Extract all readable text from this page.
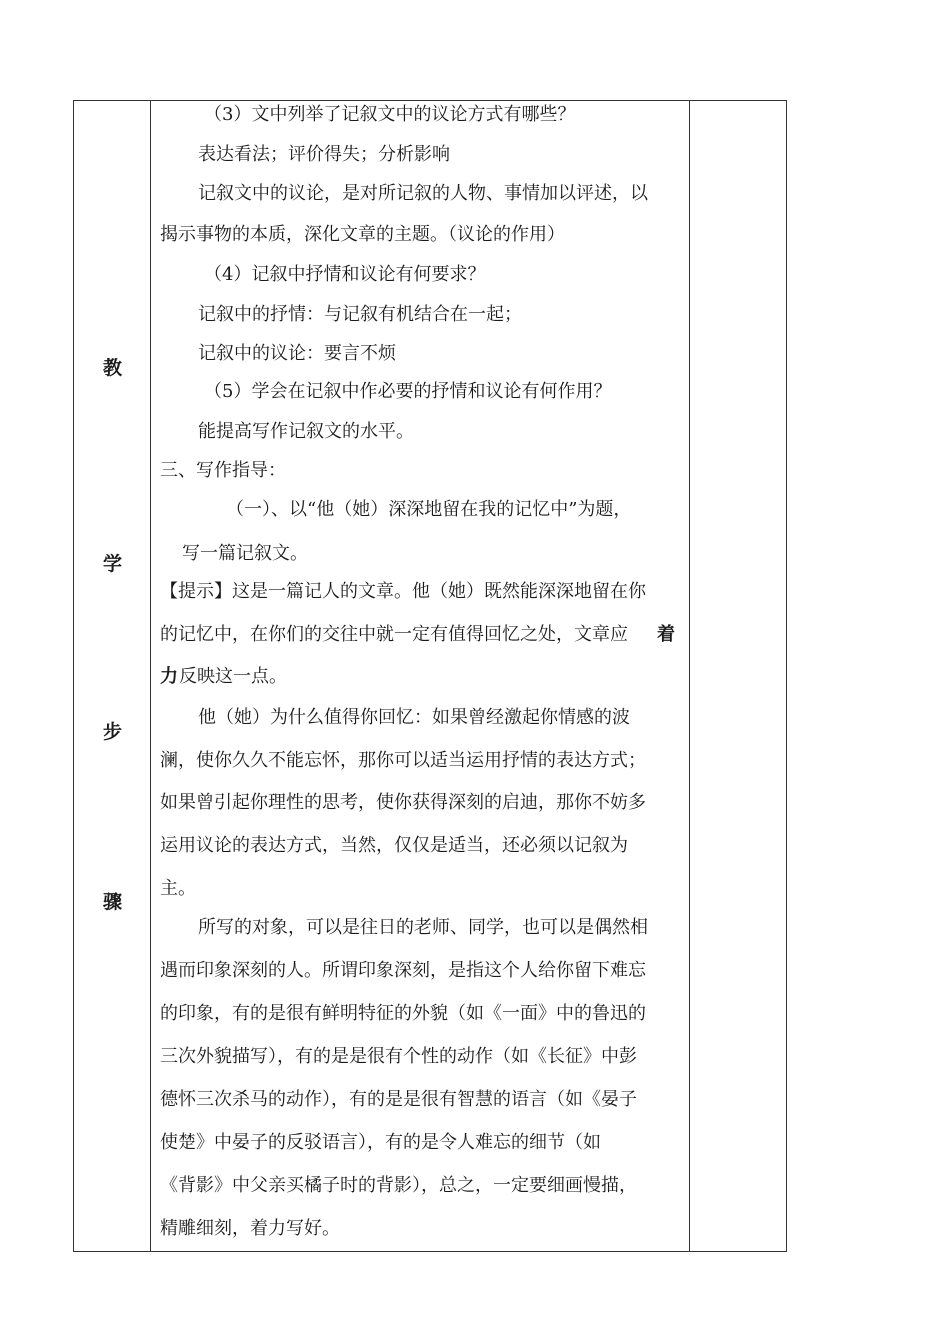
教
学
步
骤
（3）文中列举了记叙文中的议论方式有哪些？
表达看法；评价得失；分析影响
记叙文中的议论，是对所记叙的人物、事情加以评述，以
揭示事物的本质，深化文章的主题。（议论的作用）
（4）记叙中抒情和议论有何要求？
记叙中的抒情：与记叙有机结合在一起；
记叙中的议论：要言不烦
（5）学会在记叙中作必要的抒情和议论有何作用？
能提高写作记叙文的水平。
三、写作指导：
（一）、以“他（她）深深地留在我的记忆中”为题，
写一篇记叙文。
【提示】这是一篇记人的文章。他（她）既然能深深地留在你
的记忆中，在你们的交往中就一定有值得回忆之处，文章应 着
力 反映这一点。
他（她）为什么值得你回忆：如果曾经激起你情感的波
澜，使你久久不能忘怀，那你可以适当运用抒情的表达方式；
如果曾引起你理性的思考，使你获得深刻的启迪，那你不妨多
运用议论的表达方式，当然，仅仅是适当，还必须以记叙为
主。
所写的对象，可以是往日的老师、同学，也可以是偶然相
遇而印象深刻的人。所谓印象深刻，是指这个人给你留下难忘
的印象，有的是很有鲜明特征的外貌（如《一面》中的鲁迅的
三次外貌描写），有的是是很有个性的动作（如《长征》中彭
德怀三次杀马的动作），有的是是很有智慧的语言（如《晏子
使楚》中晏子的反驳语言），有的是令人难忘的细节（如
《背影》中父亲买橘子时的背影），总之，一定要细画慢描，
精雕细刻，着力写好。
